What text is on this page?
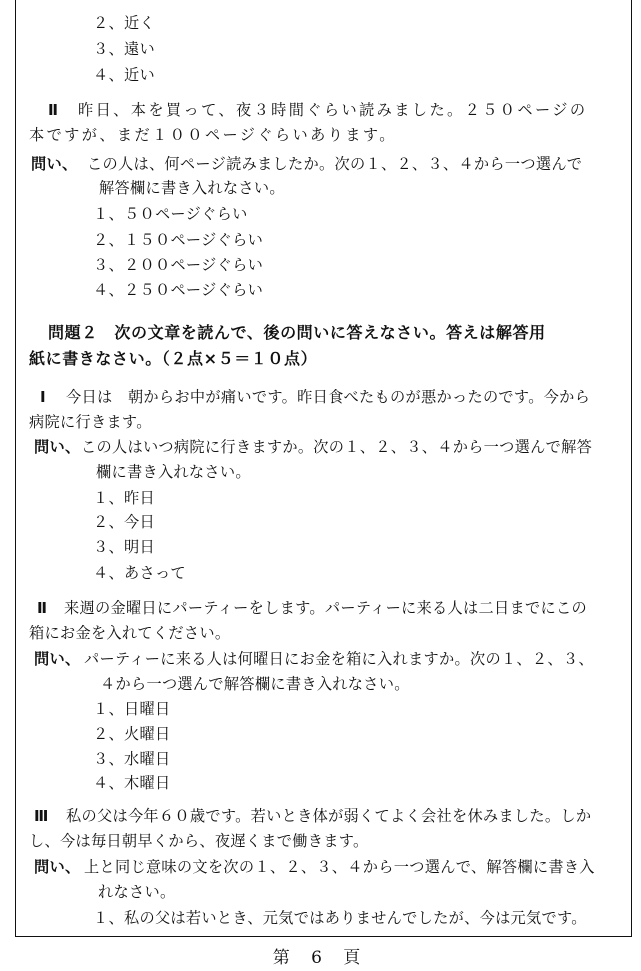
２、近く
３、遠い
４、近い
Ⅱ 昨日、本を買って、夜３時間ぐらい読みました。２５０ページの
本ですが、まだ１００ページぐらいあります。
問い、 この人は、何ページ読みましたか。次の１、２、３、４から一つ選んで
解答欄に書き入れなさい。
１、５０ページぐらい
２、１５０ページぐらい
３、２００ページぐらい
４、２５０ページぐらい
問題２　次の文章を読んで、後の問いに答えなさい。答えは解答用
紙に書きなさい。（２点×５＝１０点）
Ⅰ 今日は　朝からお中が痛いです。昨日食べたものが悪かったのです。今から
病院に行きます。
問い、この人はいつ病院に行きますか。次の１、２、３、４から一つ選んで解答
欄に書き入れなさい。
１、昨日
２、今日
３、明日
４、あさって
Ⅱ 来週の金曜日にパーティーをします。パーティーに来る人は二日までにこの
箱にお金を入れてください。
問い、 パーティーに来る人は何曜日にお金を箱に入れますか。次の１、２、３、
４から一つ選んで解答欄に書き入れなさい。
１、日曜日
２、火曜日
３、水曜日
４、木曜日
Ⅲ 私の父は今年６０歳です。若いとき体が弱くてよく会社を休みました。しか
し、今は毎日朝早くから、夜遅くまで働きます。
問い、 上と同じ意味の文を次の１、２、３、４から一つ選んで、解答欄に書き入
れなさい。
１、私の父は若いとき、元気ではありませんでしたが、今は元気です。
第 6 頁
